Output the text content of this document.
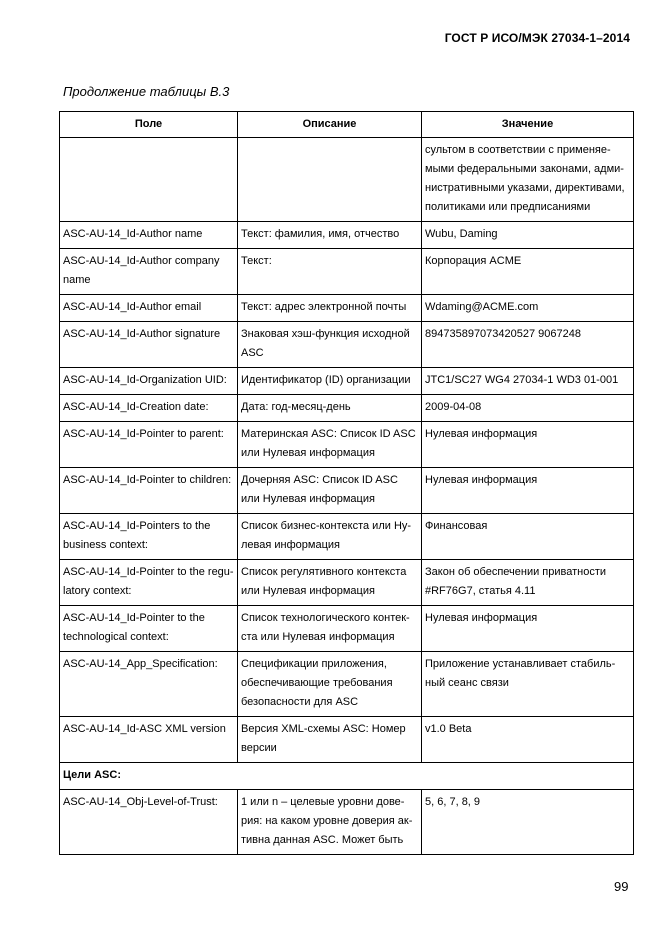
ГОСТ Р ИСО/МЭК 27034-1–2014
Продолжение таблицы В.3
Поле	Описание	Значение

		сультом в соответствии с применяе-
мыми федеральными законами, адми-
нистративными указами, директивами,
политиками или предписаниями

ASC-AU-14_Id-Author name	Текст: фамилия, имя, отчество	Wubu, Daming

ASC-AU-14_Id-Author company
name	Текст:	Корпорация ACME

ASC-AU-14_Id-Author email	Текст: адрес электронной почты	Wdaming@ACME.com

ASC-AU-14_Id-Author signature	Знаковая хэш-функция исходной
ASC	894735897073420527 9067248

ASC-AU-14_Id-Organization UID:	Идентификатор (ID) организации	JTC1/SC27 WG4 27034-1 WD3 01-001

ASC-AU-14_Id-Creation date:	Дата: год-месяц-день	2009-04-08

ASC-AU-14_Id-Pointer to parent:	Материнская ASC: Список ID ASC
или Нулевая информация	Нулевая информация

ASC-AU-14_Id-Pointer to children:	Дочерняя ASC: Список ID ASC
или Нулевая информация	Нулевая информация

ASC-AU-14_Id-Pointers to the
business context:	Список бизнес-контекста или Ну-
левая информация	Финансовая

ASC-AU-14_Id-Pointer to the regu-
latory context:	Список регулятивного контекста
или Нулевая информация	Закон об обеспечении приватности
#RF76G7, статья 4.11

ASC-AU-14_Id-Pointer to the
technological context:	Список технологического контек-
ста или Нулевая информация	Нулевая информация

ASC-AU-14_App_Specification:	Спецификации приложения,
обеспечивающие требования
безопасности для ASC	Приложение устанавливает стабиль-
ный сеанс связи

ASC-AU-14_Id-ASC XML version	Версия XML-схемы ASC: Номер
версии	v1.0 Beta

Цели ASC:		

ASC-AU-14_Obj-Level-of-Trust:	1 или n – целевые уровни дове-
рия: на каком уровне доверия ак-
тивна данная ASC. Может быть	5, 6, 7, 8, 9
99
